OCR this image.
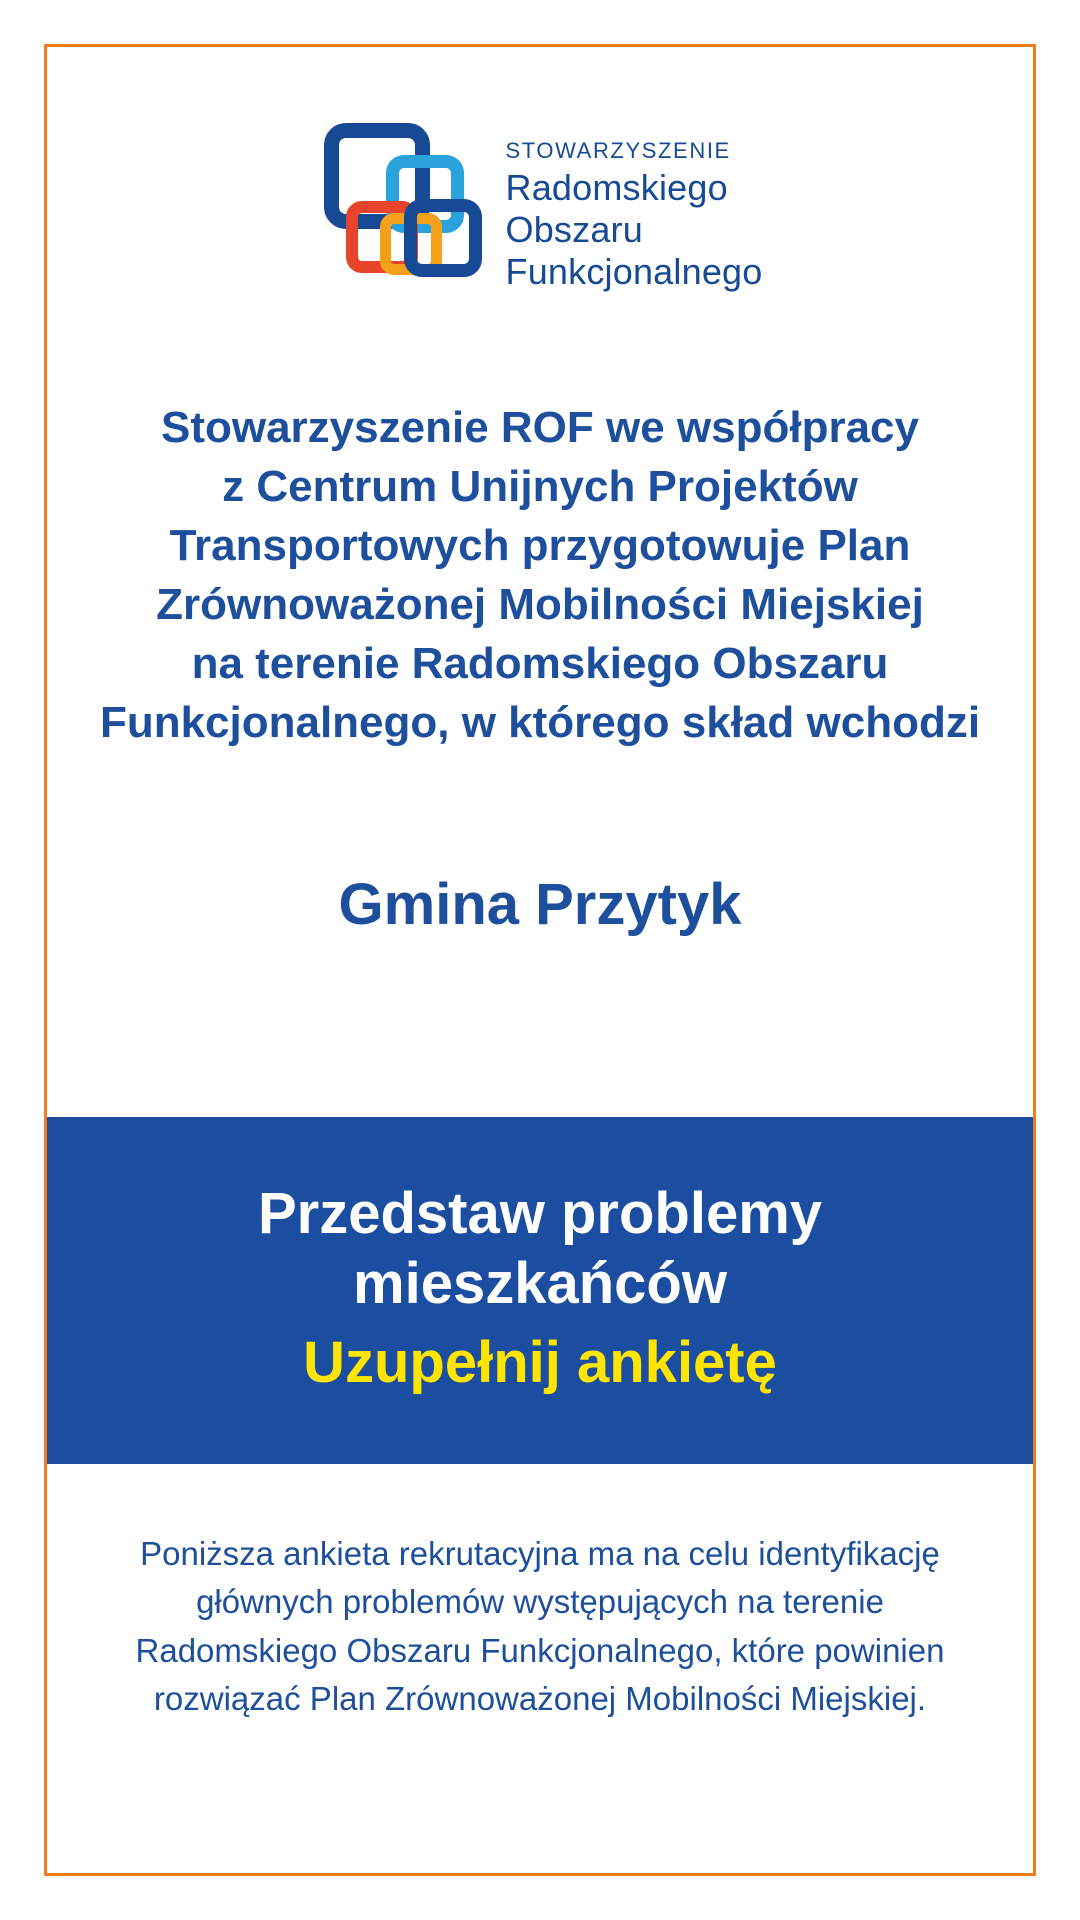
STOWARZYSZENIE
Radomskiego
Obszaru
Funkcjonalnego
Stowarzyszenie ROF we współpracy
z Centrum Unijnych Projektów
Transportowych przygotowuje Plan
Zrównoważonej Mobilności Miejskiej
na terenie Radomskiego Obszaru
Funkcjonalnego, w którego skład wchodzi
Gmina Przytyk
Przedstaw problemy
mieszkańców
Uzupełnij ankietę
Poniższa ankieta rekrutacyjna ma na celu identyfikację
głównych problemów występujących na terenie
Radomskiego Obszaru Funkcjonalnego, które powinien
rozwiązać Plan Zrównoważonej Mobilności Miejskiej.
